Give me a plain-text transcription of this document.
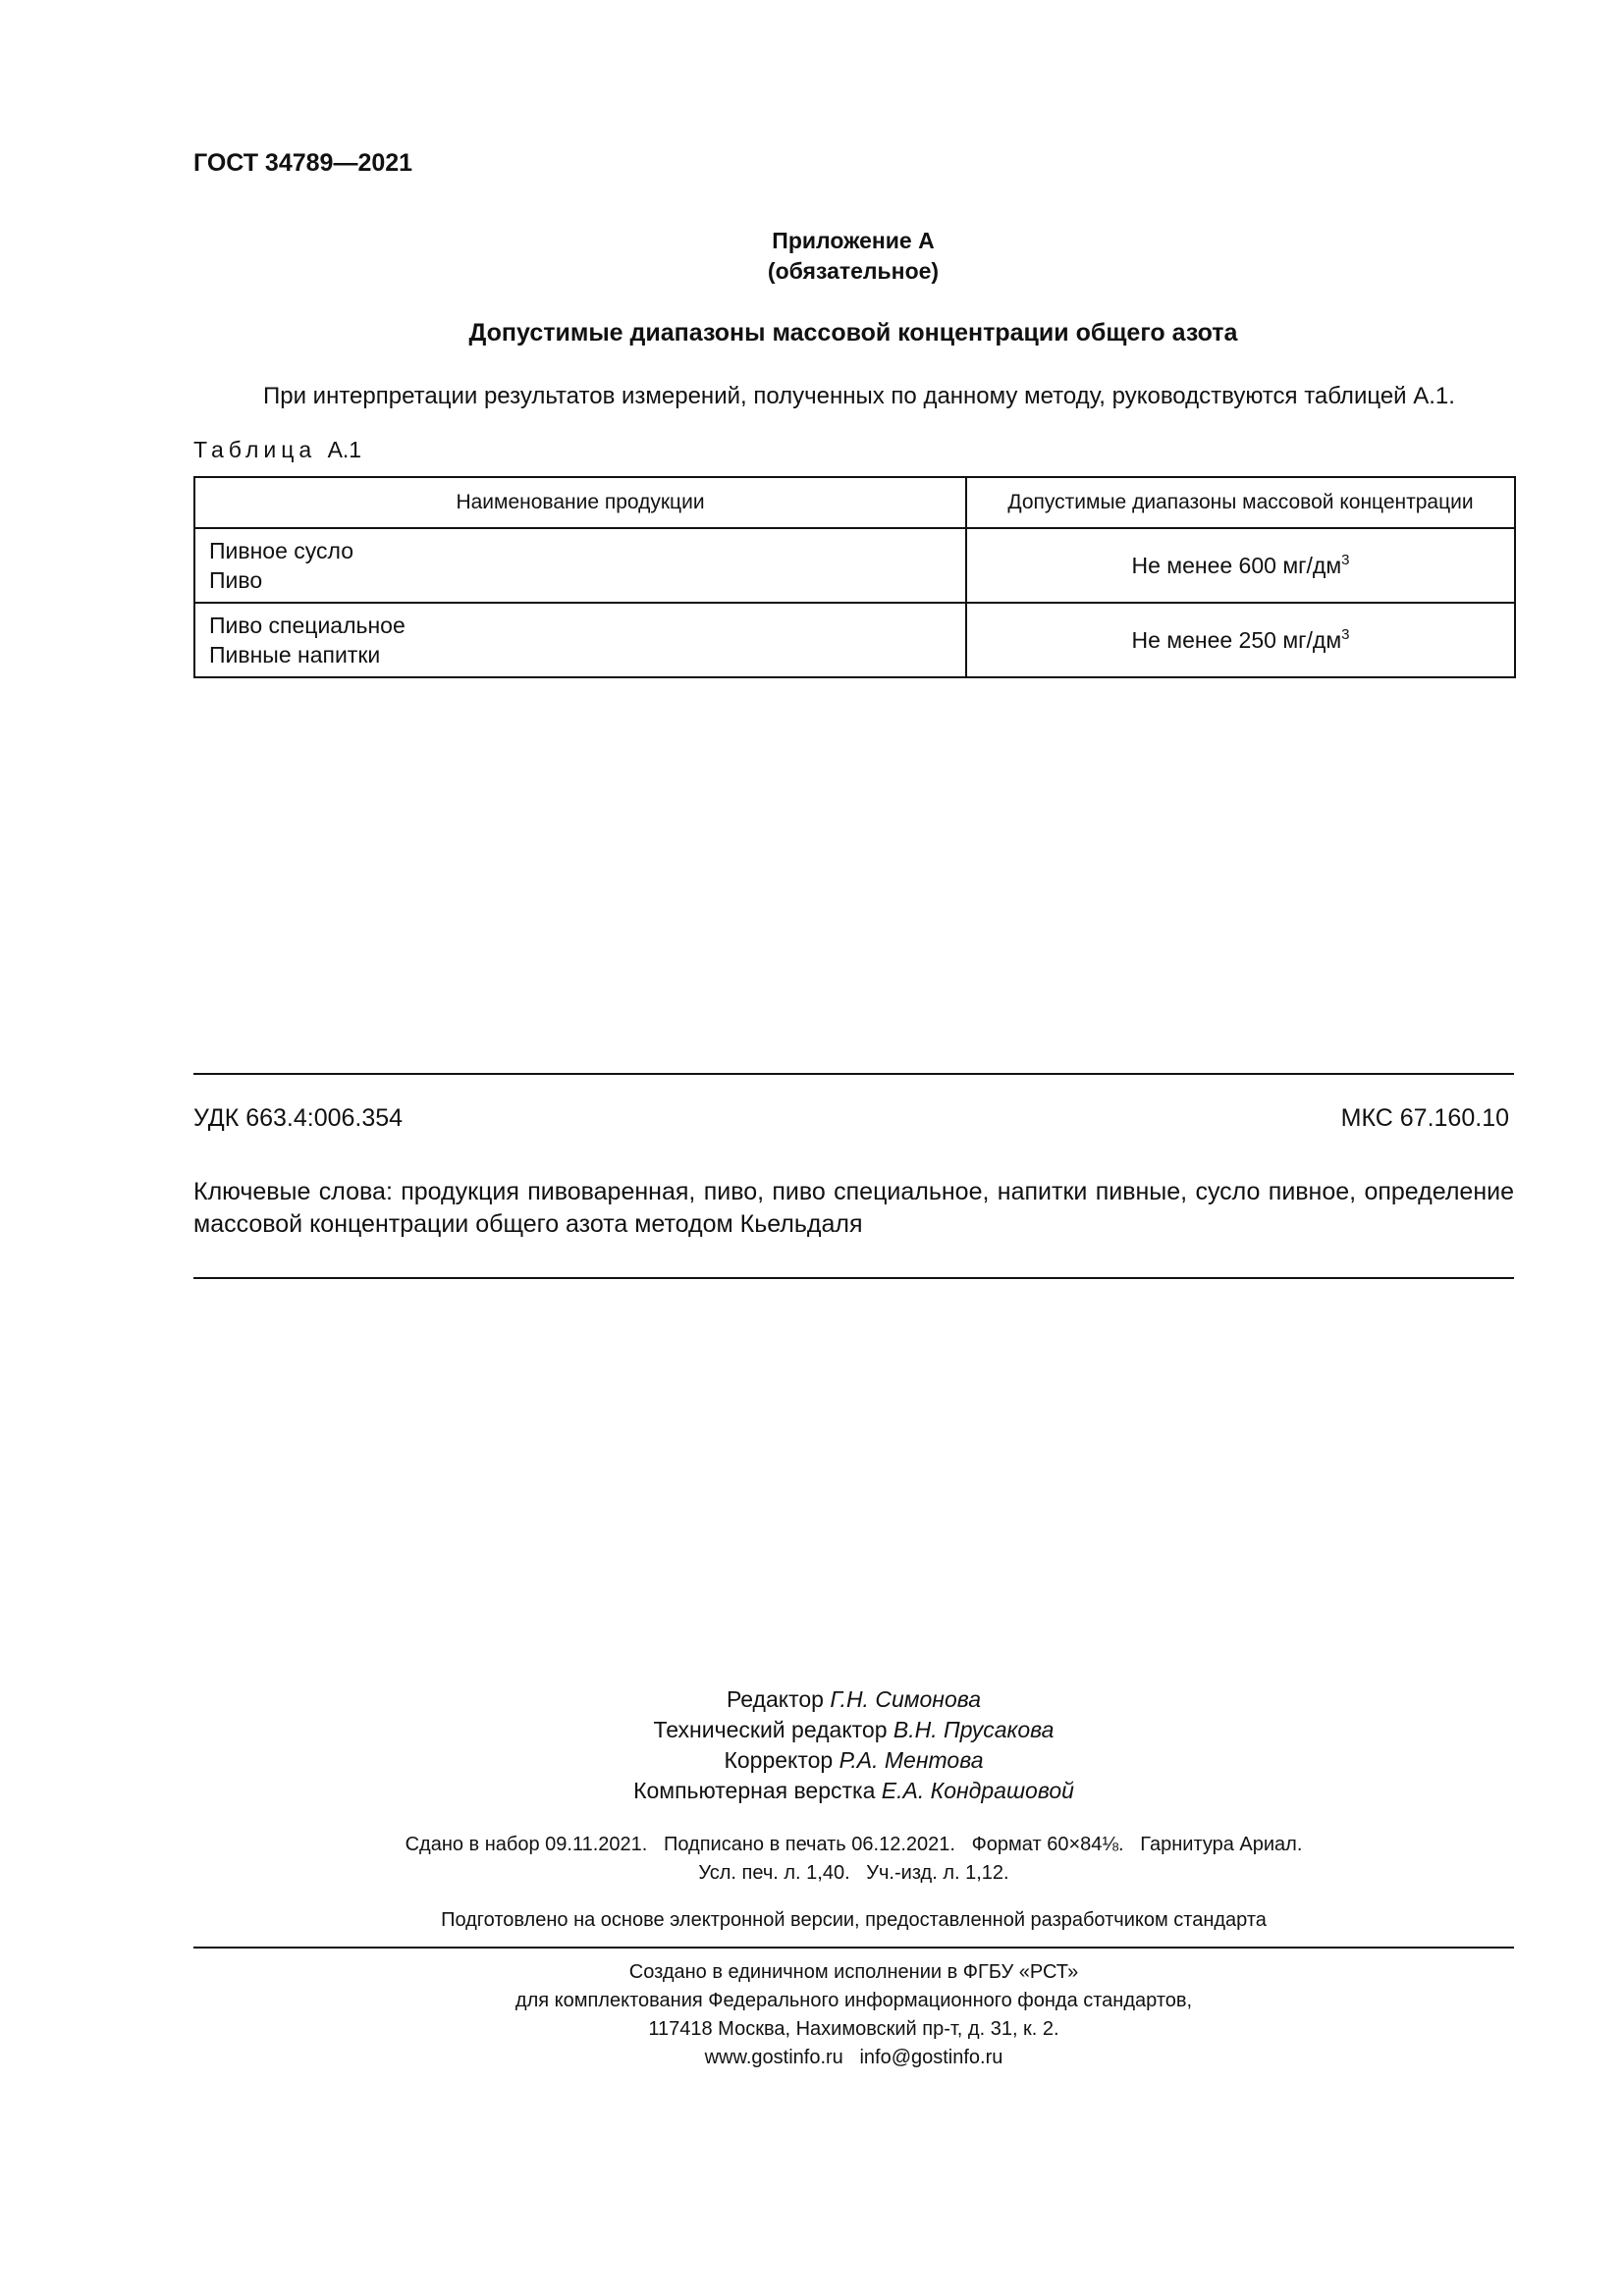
ГОСТ 34789—2021
Приложение А
(обязательное)
Допустимые диапазоны массовой концентрации общего азота
При интерпретации результатов измерений, полученных по данному методу, руководствуются таблицей А.1.
Таблица А.1
Наименование продукции	Допустимые диапазоны массовой концентрации

Пивное сусло
Пиво	Не менее 600 $мг/дм^3$

Пиво специальное
Пивные напитки	Не менее 250 $мг/дм^3$
УДК 663.4:006.354	МКС 67.160.10
Ключевые слова: продукция пивоваренная, пиво, пиво специальное, напитки пивные, сусло пивное, определение массовой концентрации общего азота методом Кьельдаля
Редактор Г.Н. Симонова
Технический редактор В.Н. Прусакова
Корректор Р.А. Ментова
Компьютерная верстка Е.А. Кондрашовой
Сдано в набор 09.11.2021.   Подписано в печать 06.12.2021.   Формат 60×84⅛.   Гарнитура Ариал.
Усл. печ. л. 1,40.   Уч.-изд. л. 1,12.
Подготовлено на основе электронной версии, предоставленной разработчиком стандарта
Создано в единичном исполнении в ФГБУ «РСТ»
для комплектования Федерального информационного фонда стандартов,
117418 Москва, Нахимовский пр-т, д. 31, к. 2.
www.gostinfo.ru   info@gostinfo.ru
